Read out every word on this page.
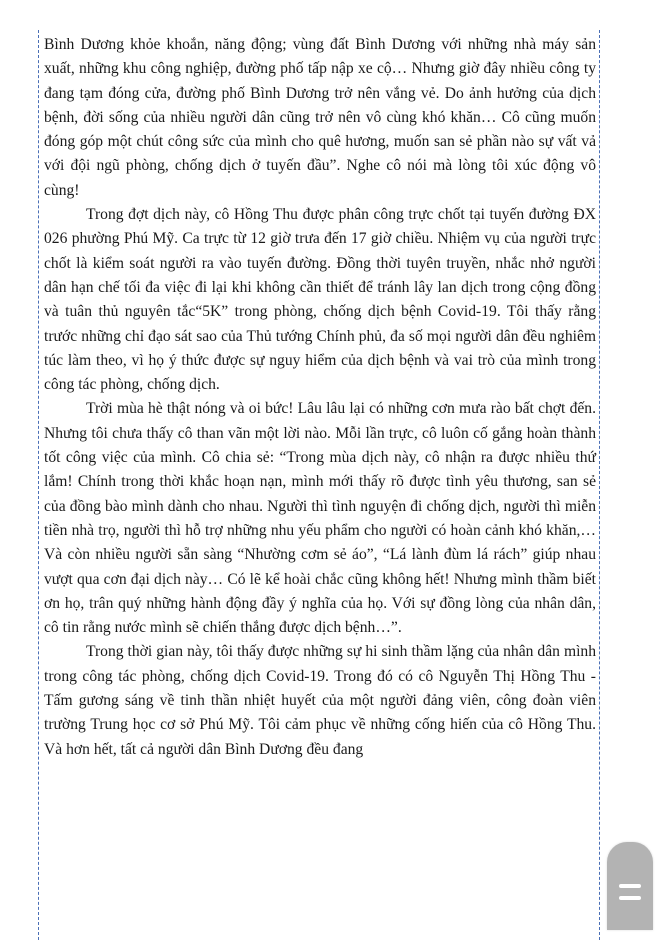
Bình Dương khỏe khoắn, năng động; vùng đất Bình Dương với những nhà máy sản xuất, những khu công nghiệp, đường phố tấp nập xe cộ… Nhưng giờ đây nhiều công ty đang tạm đóng cửa, đường phố Bình Dương trở nên vắng vẻ. Do ảnh hưởng của dịch bệnh, đời sống của nhiều người dân cũng trở nên vô cùng khó khăn… Cô cũng muốn đóng góp một chút công sức của mình cho quê hương, muốn san sẻ phần nào sự vất vả với đội ngũ phòng, chống dịch ở tuyến đầu”. Nghe cô nói mà lòng tôi xúc động vô cùng!

Trong đợt dịch này, cô Hồng Thu được phân công trực chốt tại tuyến đường ĐX 026 phường Phú Mỹ. Ca trực từ 12 giờ trưa đến 17 giờ chiều. Nhiệm vụ của người trực chốt là kiểm soát người ra vào tuyến đường. Đồng thời tuyên truyền, nhắc nhở người dân hạn chế tối đa việc đi lại khi không cần thiết để tránh lây lan dịch trong cộng đồng và tuân thủ nguyên tắc“5K” trong phòng, chống dịch bệnh Covid-19. Tôi thấy rằng trước những chỉ đạo sát sao của Thủ tướng Chính phủ, đa số mọi người dân đều nghiêm túc làm theo, vì họ ý thức được sự nguy hiểm của dịch bệnh và vai trò của mình trong công tác phòng, chống dịch.

Trời mùa hè thật nóng và oi bức! Lâu lâu lại có những cơn mưa rào bất chợt đến. Nhưng tôi chưa thấy cô than vãn một lời nào. Mỗi lần trực, cô luôn cố gắng hoàn thành tốt công việc của mình. Cô chia sẻ: “Trong mùa dịch này, cô nhận ra được nhiều thứ lắm! Chính trong thời khắc hoạn nạn, mình mới thấy rõ được tình yêu thương, san sẻ của đồng bào mình dành cho nhau. Người thì tình nguyện đi chống dịch, người thì miễn tiền nhà trọ, người thì hỗ trợ những nhu yếu phẩm cho người có hoàn cảnh khó khăn,… Và còn nhiều người sẵn sàng “Nhường cơm sẻ áo”, “Lá lành đùm lá rách” giúp nhau vượt qua cơn đại dịch này… Có lẽ kể hoài chắc cũng không hết! Nhưng mình thầm biết ơn họ, trân quý những hành động đầy ý nghĩa của họ. Với sự đồng lòng của nhân dân, cô tin rằng nước mình sẽ chiến thắng được dịch bệnh…”.

Trong thời gian này, tôi thấy được những sự hi sinh thầm lặng của nhân dân mình trong công tác phòng, chống dịch Covid-19. Trong đó có cô Nguyễn Thị Hồng Thu - Tấm gương sáng về tinh thần nhiệt huyết của một người đảng viên, công đoàn viên trường Trung học cơ sở Phú Mỹ. Tôi cảm phục về những cống hiến của cô Hồng Thu. Và hơn hết, tất cả người dân Bình Dương đều đang
